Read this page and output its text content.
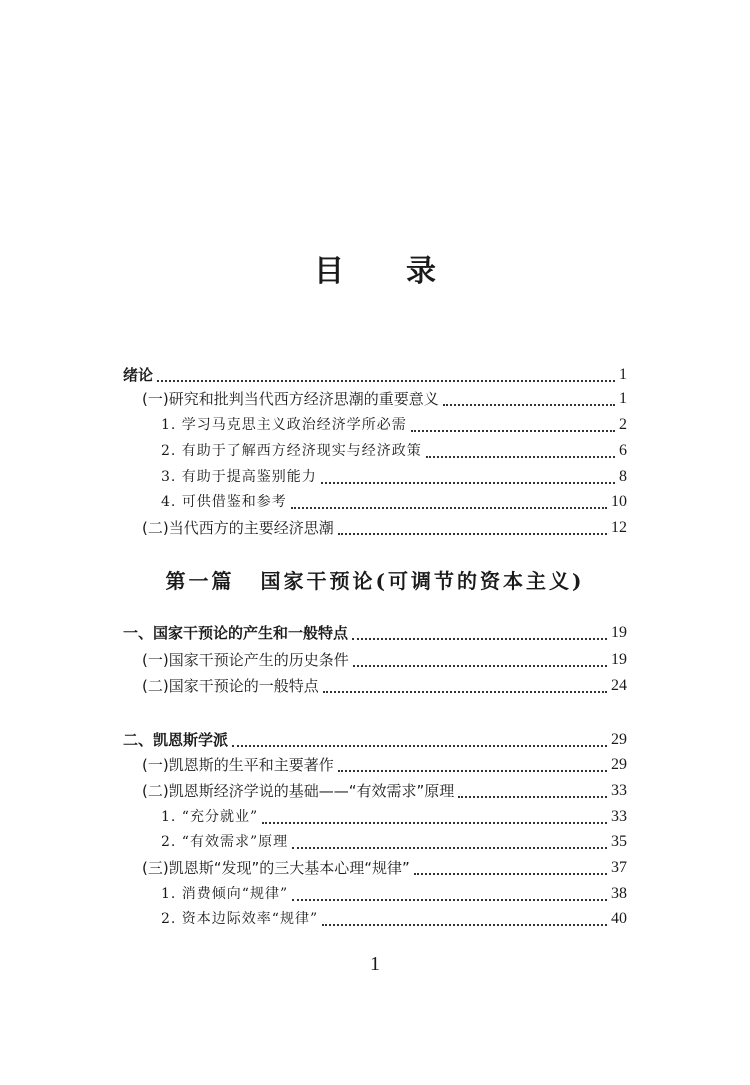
目 录
绪论	1
(一)研究和批判当代西方经济思潮的重要意义	1
1. 学习马克思主义政治经济学所必需	2
2. 有助于了解西方经济现实与经济政策	6
3. 有助于提高鉴别能力	8
4. 可供借鉴和参考	10
(二)当代西方的主要经济思潮	12
第一篇 国家干预论(可调节的资本主义)
一、国家干预论的产生和一般特点	19
(一)国家干预论产生的历史条件	19
(二)国家干预论的一般特点	24
二、凯恩斯学派	29
(一)凯恩斯的生平和主要著作	29
(二)凯恩斯经济学说的基础——“有效需求”原理	33
1. “充分就业”	33
2. “有效需求”原理	35
(三)凯恩斯“发现”的三大基本心理“规律”	37
1. 消费倾向“规律”	38
2. 资本边际效率“规律”	40
1
